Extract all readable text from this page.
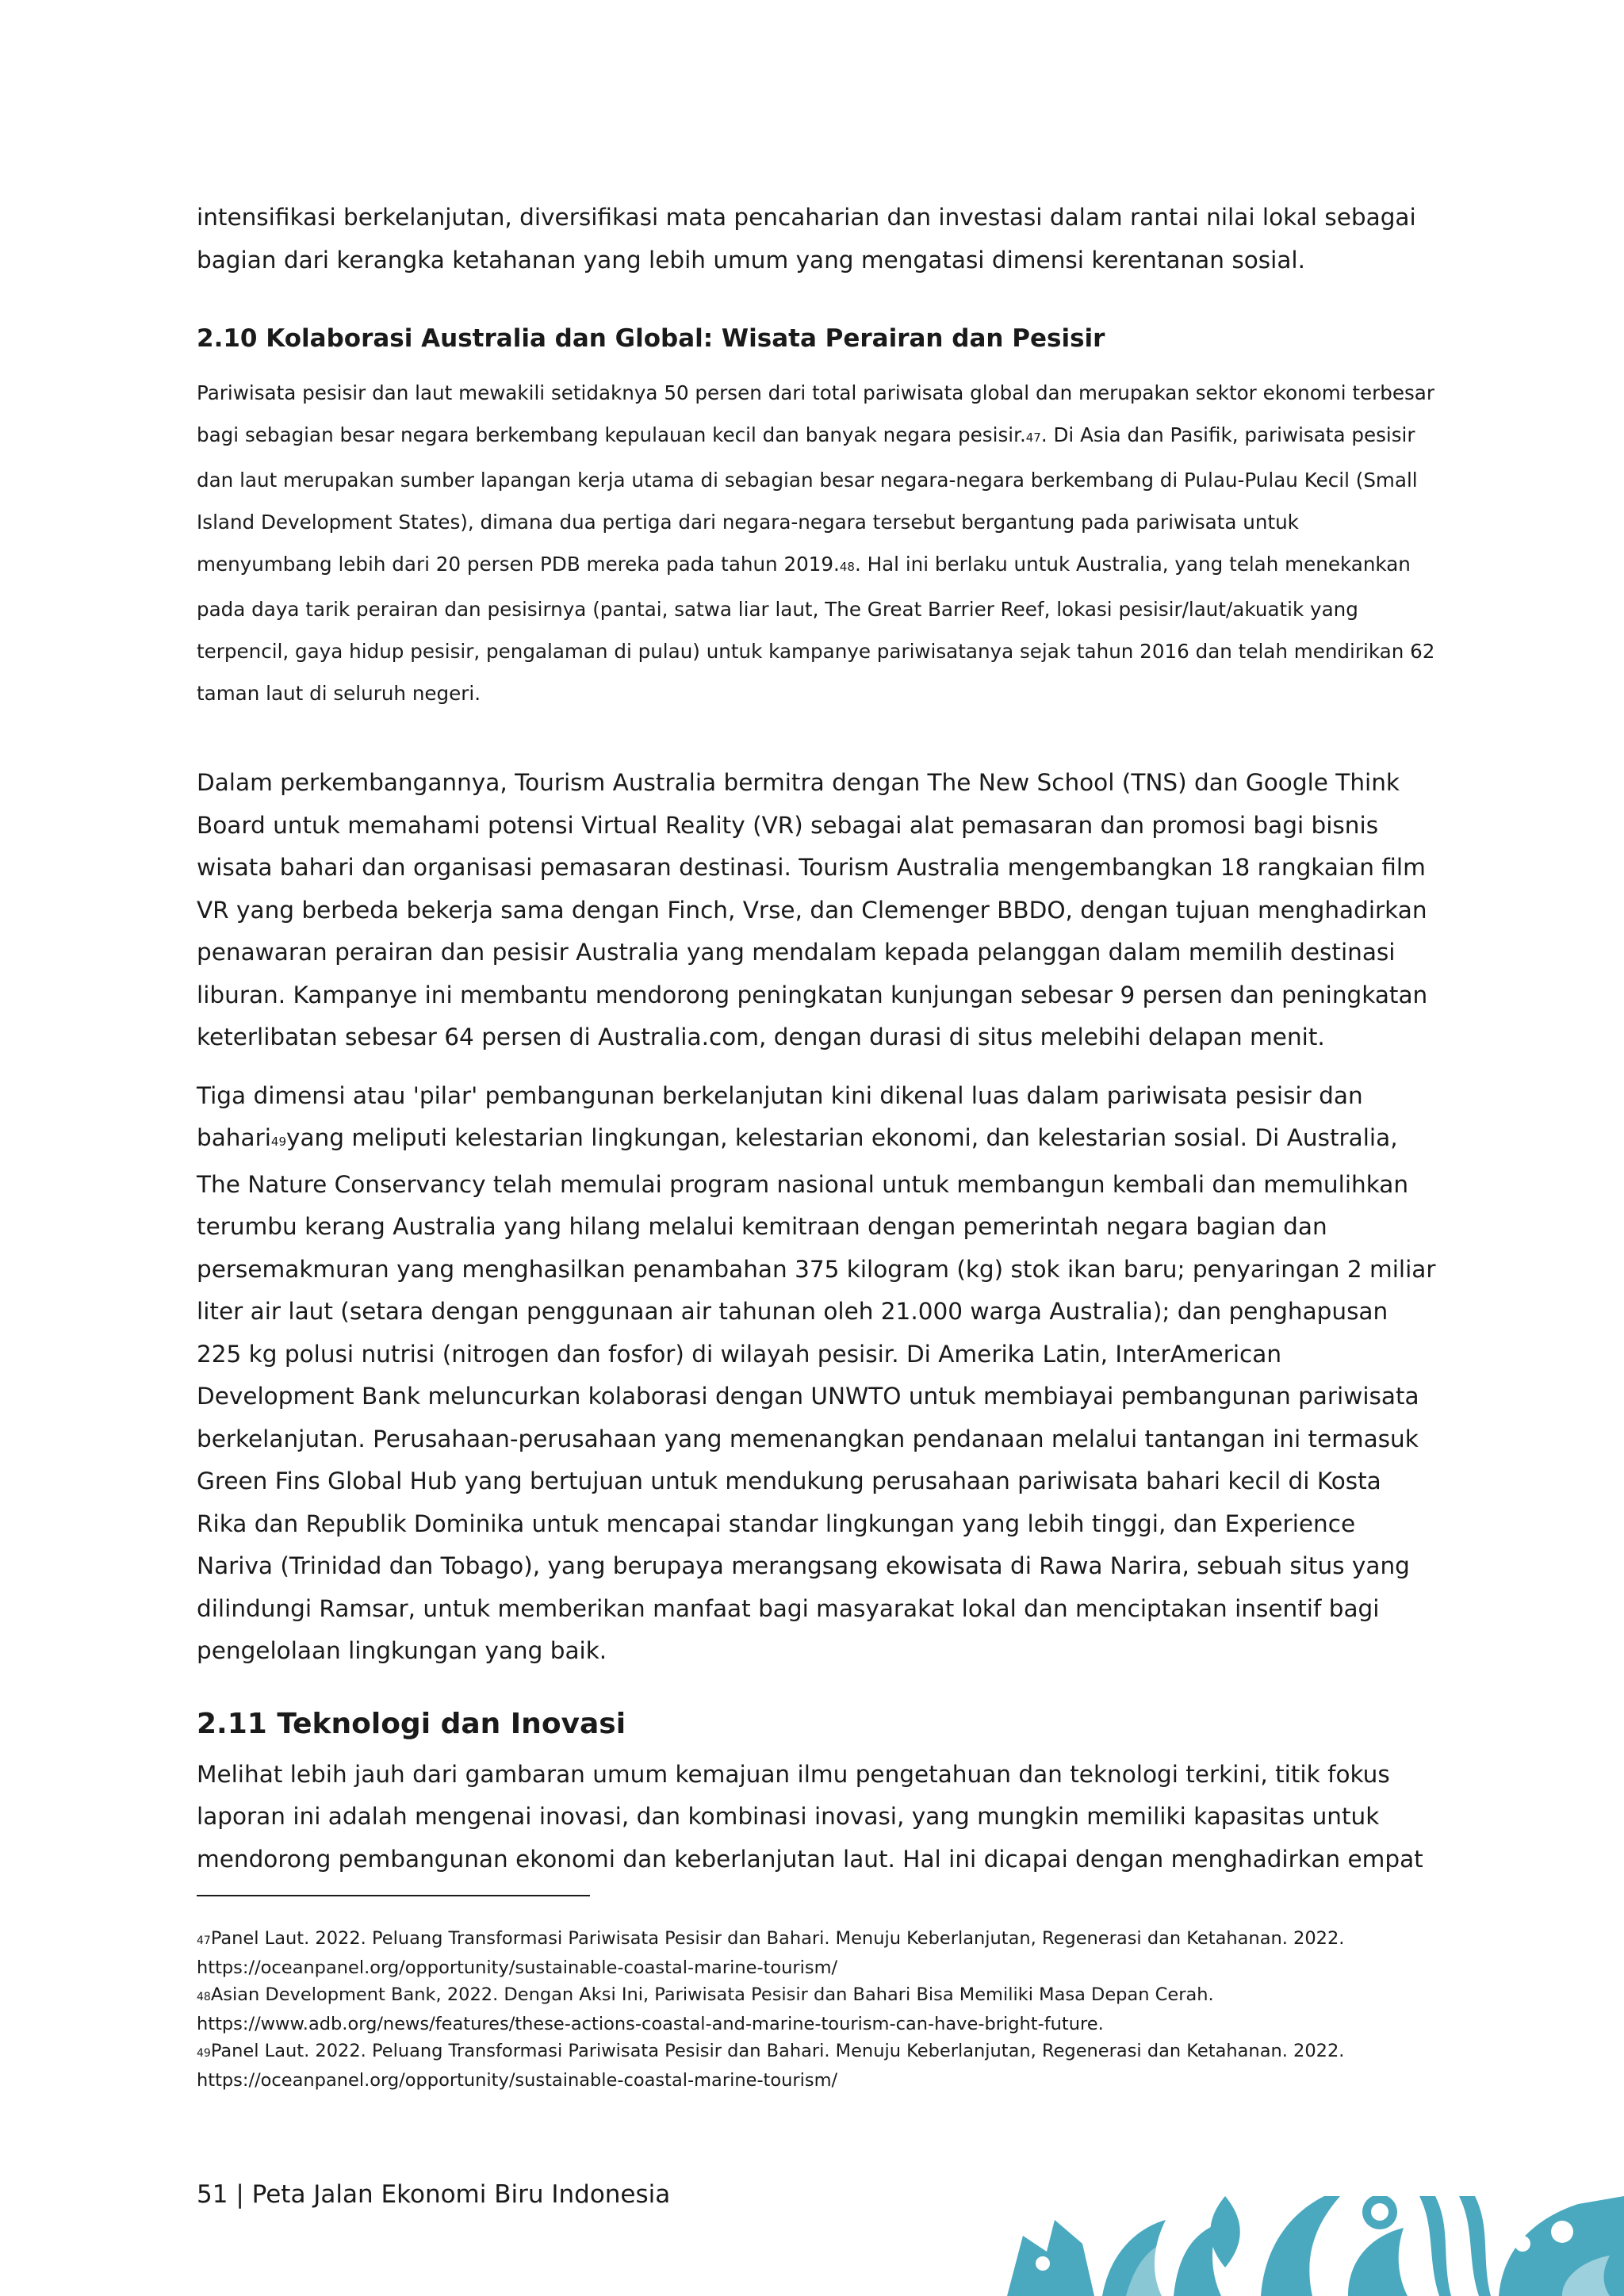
intensifikasi berkelanjutan, diversifikasi mata pencaharian dan investasi dalam rantai nilai lokal sebagai bagian dari kerangka ketahanan yang lebih umum yang mengatasi dimensi kerentanan sosial.

2.10 Kolaborasi Australia dan Global: Wisata Perairan dan Pesisir

Pariwisata pesisir dan laut mewakili setidaknya 50 persen dari total pariwisata global dan merupakan sektor ekonomi terbesar bagi sebagian besar negara berkembang kepulauan kecil dan banyak negara pesisir.47. Di Asia dan Pasifik, pariwisata pesisir dan laut merupakan sumber lapangan kerja utama di sebagian besar negara-negara berkembang di Pulau-Pulau Kecil (Small Island Development States), dimana dua pertiga dari negara-negara tersebut bergantung pada pariwisata untuk menyumbang lebih dari 20 persen PDB mereka pada tahun 2019.48. Hal ini berlaku untuk Australia, yang telah menekankan pada daya tarik perairan dan pesisirnya (pantai, satwa liar laut, The Great Barrier Reef, lokasi pesisir/laut/akuatik yang terpencil, gaya hidup pesisir, pengalaman di pulau) untuk kampanye pariwisatanya sejak tahun 2016 dan telah mendirikan 62 taman laut di seluruh negeri.

Dalam perkembangannya, Tourism Australia bermitra dengan The New School (TNS) dan Google Think Board untuk memahami potensi Virtual Reality (VR) sebagai alat pemasaran dan promosi bagi bisnis wisata bahari dan organisasi pemasaran destinasi. Tourism Australia mengembangkan 18 rangkaian film VR yang berbeda bekerja sama dengan Finch, Vrse, dan Clemenger BBDO, dengan tujuan menghadirkan penawaran perairan dan pesisir Australia yang mendalam kepada pelanggan dalam memilih destinasi liburan. Kampanye ini membantu mendorong peningkatan kunjungan sebesar 9 persen dan peningkatan keterlibatan sebesar 64 persen di Australia.com, dengan durasi di situs melebihi delapan menit.

Tiga dimensi atau 'pilar' pembangunan berkelanjutan kini dikenal luas dalam pariwisata pesisir dan bahari49yang meliputi kelestarian lingkungan, kelestarian ekonomi, dan kelestarian sosial. Di Australia, The Nature Conservancy telah memulai program nasional untuk membangun kembali dan memulihkan terumbu kerang Australia yang hilang melalui kemitraan dengan pemerintah negara bagian dan persemakmuran yang menghasilkan penambahan 375 kilogram (kg) stok ikan baru; penyaringan 2 miliar liter air laut (setara dengan penggunaan air tahunan oleh 21.000 warga Australia); dan penghapusan 225 kg polusi nutrisi (nitrogen dan fosfor) di wilayah pesisir. Di Amerika Latin, InterAmerican Development Bank meluncurkan kolaborasi dengan UNWTO untuk membiayai pembangunan pariwisata berkelanjutan. Perusahaan-perusahaan yang memenangkan pendanaan melalui tantangan ini termasuk Green Fins Global Hub yang bertujuan untuk mendukung perusahaan pariwisata bahari kecil di Kosta Rika dan Republik Dominika untuk mencapai standar lingkungan yang lebih tinggi, dan Experience Nariva (Trinidad dan Tobago), yang berupaya merangsang ekowisata di Rawa Narira, sebuah situs yang dilindungi Ramsar, untuk memberikan manfaat bagi masyarakat lokal dan menciptakan insentif bagi pengelolaan lingkungan yang baik.

2.11 Teknologi dan Inovasi

Melihat lebih jauh dari gambaran umum kemajuan ilmu pengetahuan dan teknologi terkini, titik fokus laporan ini adalah mengenai inovasi, dan kombinasi inovasi, yang mungkin memiliki kapasitas untuk mendorong pembangunan ekonomi dan keberlanjutan laut. Hal ini dicapai dengan menghadirkan empat

47Panel Laut. 2022. Peluang Transformasi Pariwisata Pesisir dan Bahari. Menuju Keberlanjutan, Regenerasi dan Ketahanan. 2022.

https://oceanpanel.org/opportunity/sustainable-coastal-marine-tourism/

48Asian Development Bank, 2022. Dengan Aksi Ini, Pariwisata Pesisir dan Bahari Bisa Memiliki Masa Depan Cerah.

https://www.adb.org/news/features/these-actions-coastal-and-marine-tourism-can-have-bright-future.

49Panel Laut. 2022. Peluang Transformasi Pariwisata Pesisir dan Bahari. Menuju Keberlanjutan, Regenerasi dan Ketahanan. 2022.

https://oceanpanel.org/opportunity/sustainable-coastal-marine-tourism/

51 | Peta Jalan Ekonomi Biru Indonesia
